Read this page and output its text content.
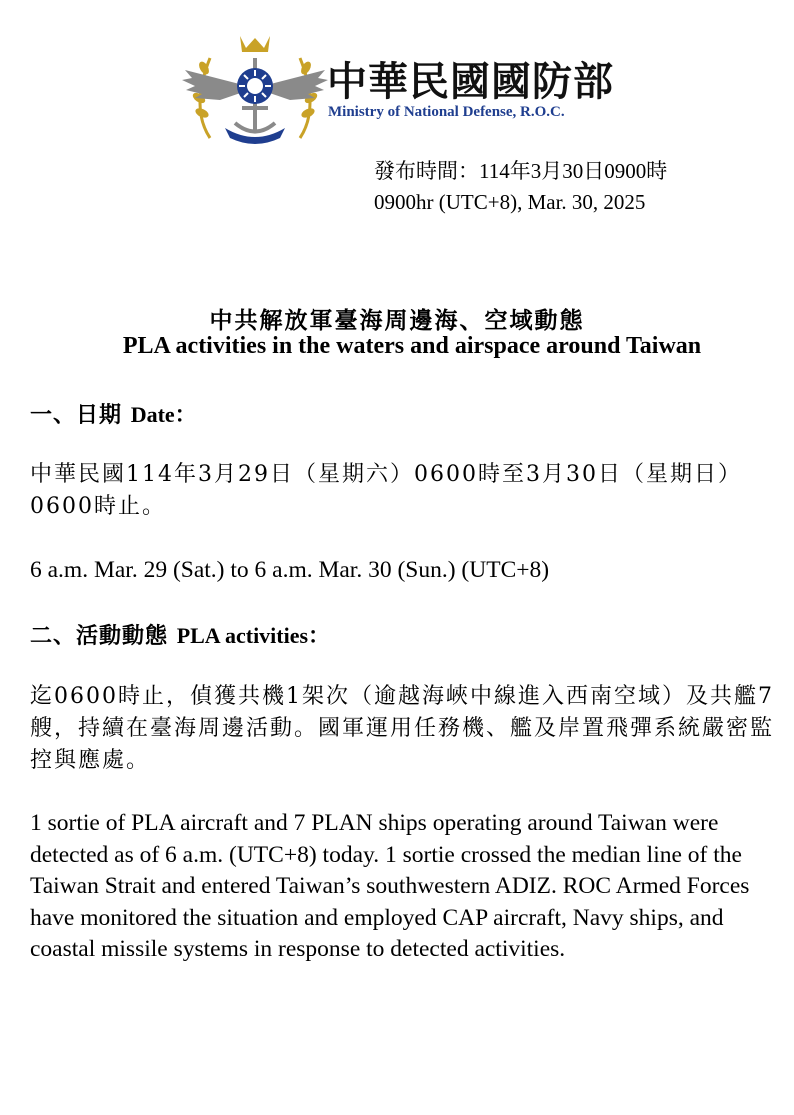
中華民國國防部
Ministry of National Defense, R.O.C.
發布時間：114年3月30日0900時
0900hr (UTC+8), Mar. 30, 2025
中共解放軍臺海周邊海、空域動態
PLA activities in the waters and airspace around Taiwan
一、日期 Date：
中華民國114年3月29日（星期六）0600時至3月30日（星期日）0600時止。
6 a.m. Mar. 29 (Sat.) to 6 a.m. Mar. 30 (Sun.) (UTC+8)
二、活動動態 PLA activities：
迄0600時止，偵獲共機1架次（逾越海峽中線進入西南空域）及共艦7艘，持續在臺海周邊活動。國軍運用任務機、艦及岸置飛彈系統嚴密監控與應處。
1 sortie of PLA aircraft and 7 PLAN ships operating around Taiwan were detected as of 6 a.m. (UTC+8) today. 1 sortie crossed the median line of the Taiwan Strait and entered Taiwan’s southwestern ADIZ. ROC Armed Forces have monitored the situation and employed CAP aircraft, Navy ships, and coastal missile systems in response to detected activities.
